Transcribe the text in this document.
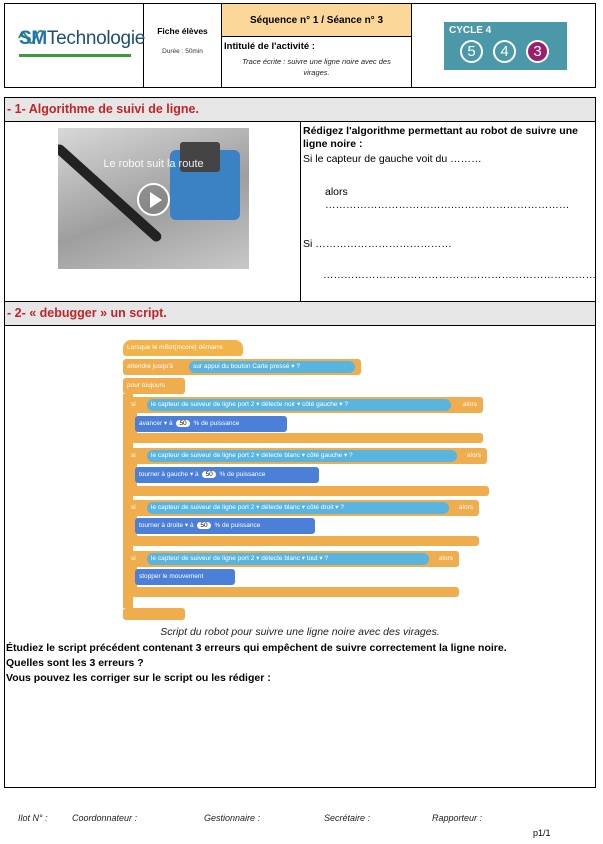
SMTechnologie	Fiche élèves
Durée : 50min
Séquence n° 1 / Séance n° 3
Intitulé de l'activité :
Trace écrite : suivre une ligne noire avec des virages.
CYCLE 4
5	4	3
- 1- Algorithme de suivi de ligne.
Le robot suit la route
Rédigez l'algorithme permettant au robot de suivre une ligne noire :
Si le capteur de gauche voit du ………
alors ……………………………….……………………………
Si …………………………………
……………………………………………………………………
- 2- « debugger » un script.
Lorsque le mBot(mcore) démarre
attendre jusqu'à	sur appui du bouton Carte pressé ▾ ?
pour toujours
si	alors
le capteur de suiveur de ligne port 2 ▾ détecte noir ▾ côté gauche ▾ ?
avancer ▾ à 50 % de puissance
si	alors
le capteur de suiveur de ligne port 2 ▾ détecte blanc ▾ côté gauche ▾ ?
tourner à gauche ▾ à 50 % de puissance
si	alors
le capteur de suiveur de ligne port 2 ▾ détecte blanc ▾ côté droit ▾ ?
tourner à droite ▾ à 50 % de puissance
si	alors
le capteur de suiveur de ligne port 2 ▾ détecte blanc ▾ tout ▾ ?
stopper le mouvement
Script du robot pour suivre une ligne noire avec des virages.
Étudiez le script précédent contenant 3 erreurs qui empêchent de suivre correctement la ligne noire.
Quelles sont les 3 erreurs ?
Vous pouvez les corriger sur le script ou les rédiger :
Ilot N° :	Coordonnateur :	Gestionnaire :	Secrétaire :	Rapporteur :
p1/1
